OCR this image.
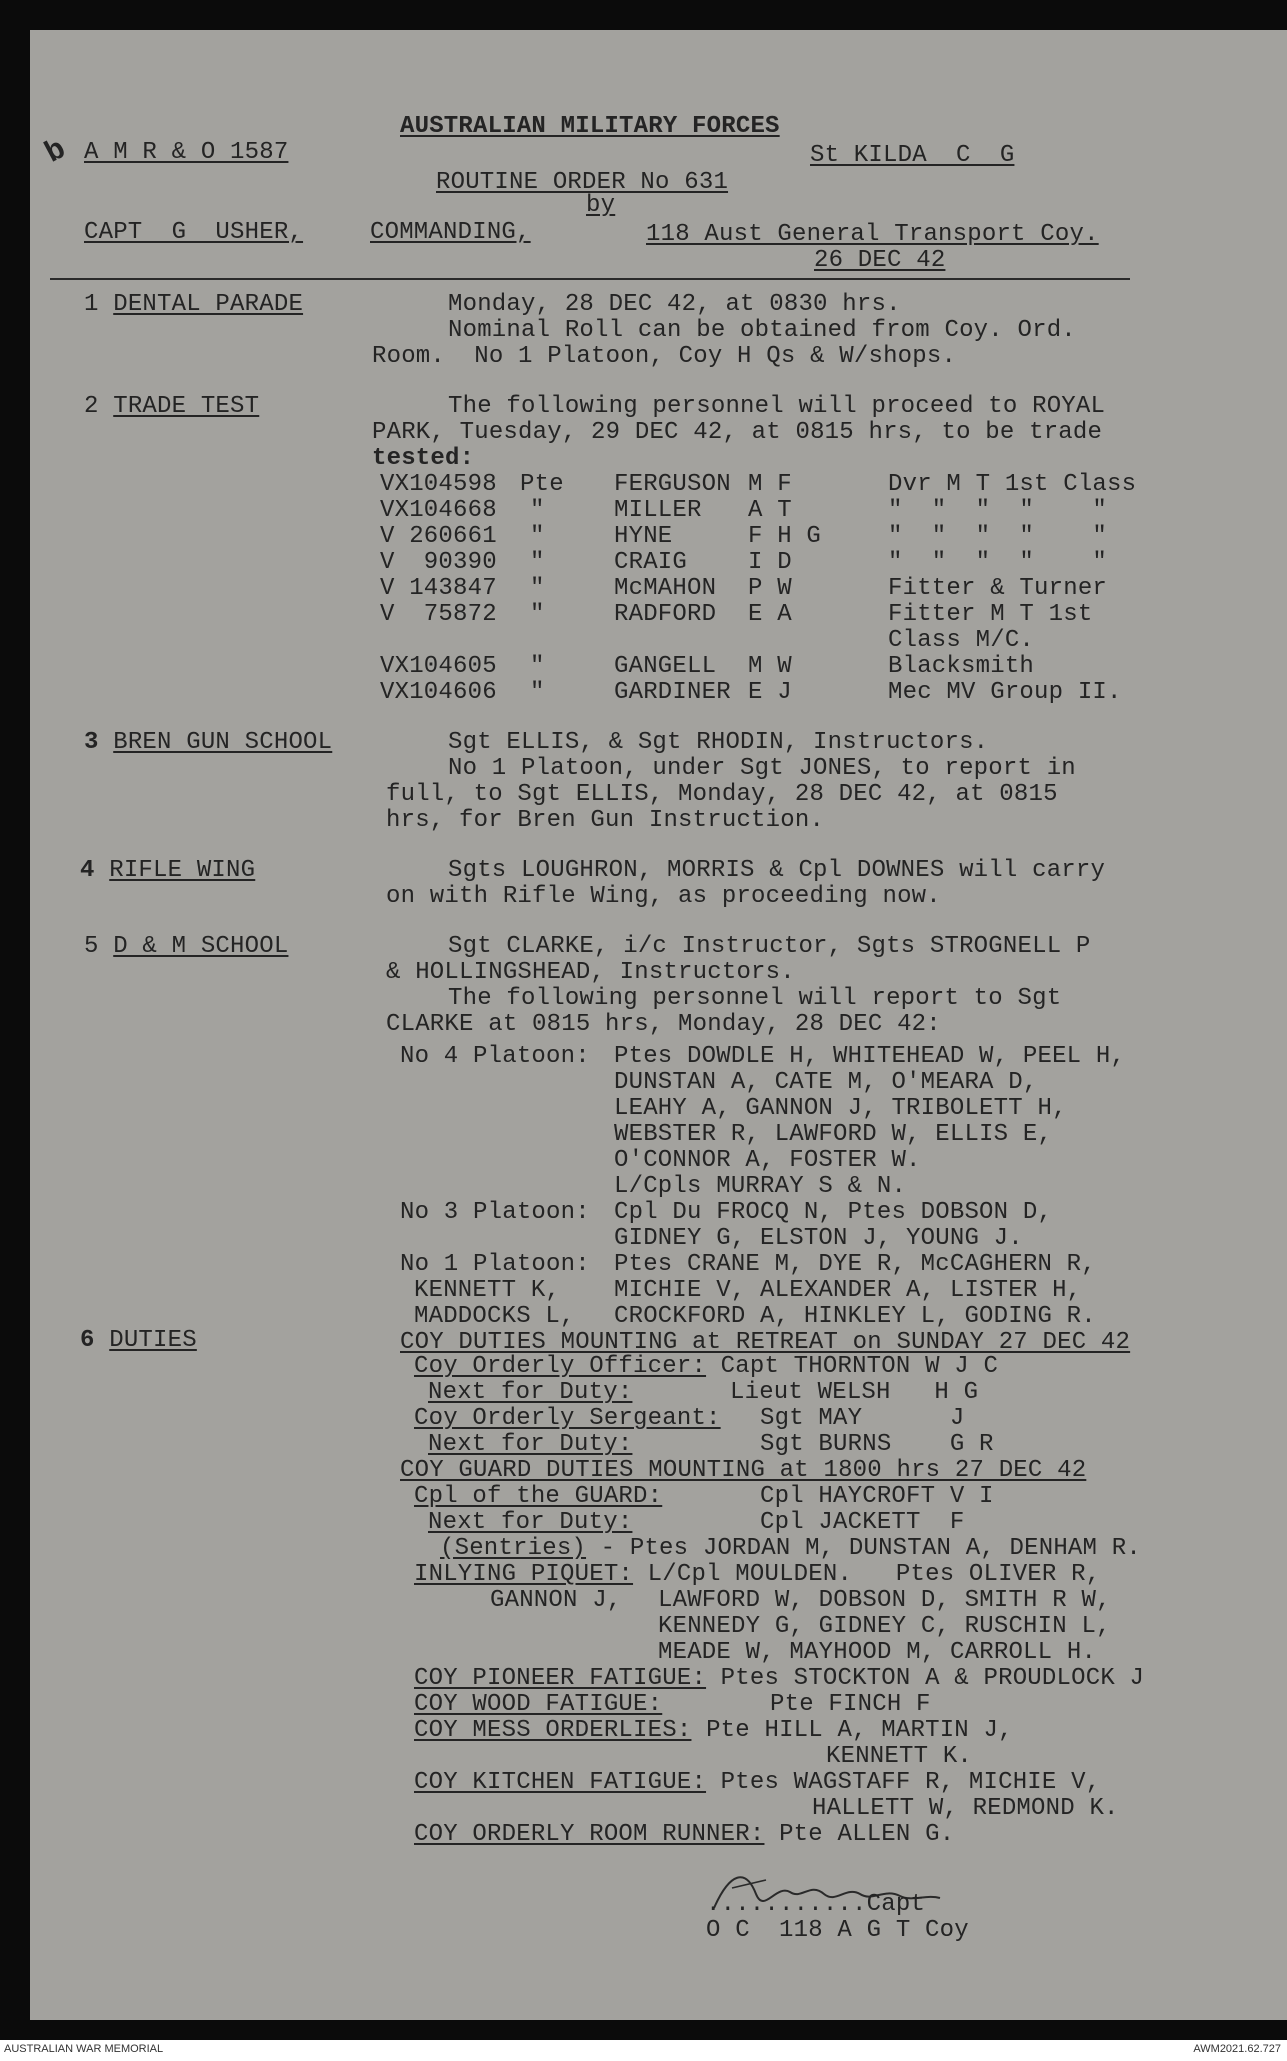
b
AUSTRALIAN MILITARY FORCES
A M R & O 1587	St KILDA  C  G
ROUTINE ORDER No 631
by
CAPT  G  USHER,	COMMANDING,	118 Aust General Transport Coy.
26 DEC 42
1 DENTAL PARADE	Monday, 28 DEC 42, at 0830 hrs.
Nominal Roll can be obtained from Coy. Ord.
Room.  No 1 Platoon, Coy H Qs & W/shops.
2 TRADE TEST	The following personnel will proceed to ROYAL
PARK, Tuesday, 29 DEC 42, at 0815 hrs, to be trade
tested:
VX104598 Pte FERGUSON M F	Dvr M T 1st Class
VX104668 "	MILLER A T	"  "  "  "    "
V 260661 "	HYNE	F H G	"  "  "  "    "
V  90390 "	CRAIG	I D	"  "  "  "    "
V 143847 "	McMAHON P W	Fitter & Turner
V  75872 "	RADFORD E A	Fitter M T 1st
Class M/C.
VX104605 "	GANGELL M W	Blacksmith
VX104606 "	GARDINER E J	Mec MV Group II.
3 BREN GUN SCHOOL	Sgt ELLIS, & Sgt RHODIN, Instructors.
No 1 Platoon, under Sgt JONES, to report in
full, to Sgt ELLIS, Monday, 28 DEC 42, at 0815
hrs, for Bren Gun Instruction.
4 RIFLE WING	Sgts LOUGHRON, MORRIS & Cpl DOWNES will carry
on with Rifle Wing, as proceeding now.
5 D & M SCHOOL	Sgt CLARKE, i/c Instructor, Sgts STROGNELL P
& HOLLINGSHEAD, Instructors.
The following personnel will report to Sgt
CLARKE at 0815 hrs, Monday, 28 DEC 42:
No 4 Platoon: Ptes DOWDLE H, WHITEHEAD W, PEEL H,
DUNSTAN A, CATE M, O'MEARA D,
LEAHY A, GANNON J, TRIBOLETT H,
WEBSTER R, LAWFORD W, ELLIS E,
O'CONNOR A, FOSTER W.
L/Cpls MURRAY S & N.
No 3 Platoon: Cpl Du FROCQ N, Ptes DOBSON D,
GIDNEY G, ELSTON J, YOUNG J.
No 1 Platoon: Ptes CRANE M, DYE R, McCAGHERN R,
KENNETT K, MICHIE V, ALEXANDER A, LISTER H,
MADDOCKS L, CROCKFORD A, HINKLEY L, GODING R.
6 DUTIES	COY DUTIES MOUNTING at RETREAT on SUNDAY 27 DEC 42
Coy Orderly Officer: Capt THORNTON W J C
Next for Duty:	Lieut WELSH   H G
Coy Orderly Sergeant: Sgt MAY      J
Next for Duty:	Sgt BURNS    G R
COY GUARD DUTIES MOUNTING at 1800 hrs 27 DEC 42
Cpl of the GUARD:	Cpl HAYCROFT V I
Next for Duty:	Cpl JACKETT  F
(Sentries) - Ptes JORDAN M, DUNSTAN A, DENHAM R.
INLYING PIQUET: L/Cpl MOULDEN.   Ptes OLIVER R,
GANNON J, LAWFORD W, DOBSON D, SMITH R W,
KENNEDY G, GIDNEY C, RUSCHIN L,
MEADE W, MAYHOOD M, CARROLL H.
COY PIONEER FATIGUE: Ptes STOCKTON A & PROUDLOCK J
COY WOOD FATIGUE:	Pte FINCH F
COY MESS ORDERLIES: Pte HILL A, MARTIN J,
KENNETT K.
COY KITCHEN FATIGUE: Ptes WAGSTAFF R, MICHIE V,
HALLETT W, REDMOND K.
COY ORDERLY ROOM RUNNER: Pte ALLEN G.
...........Capt
O C  118 A G T Coy
AUSTRALIAN WAR MEMORIAL	AWM2021.62.727
